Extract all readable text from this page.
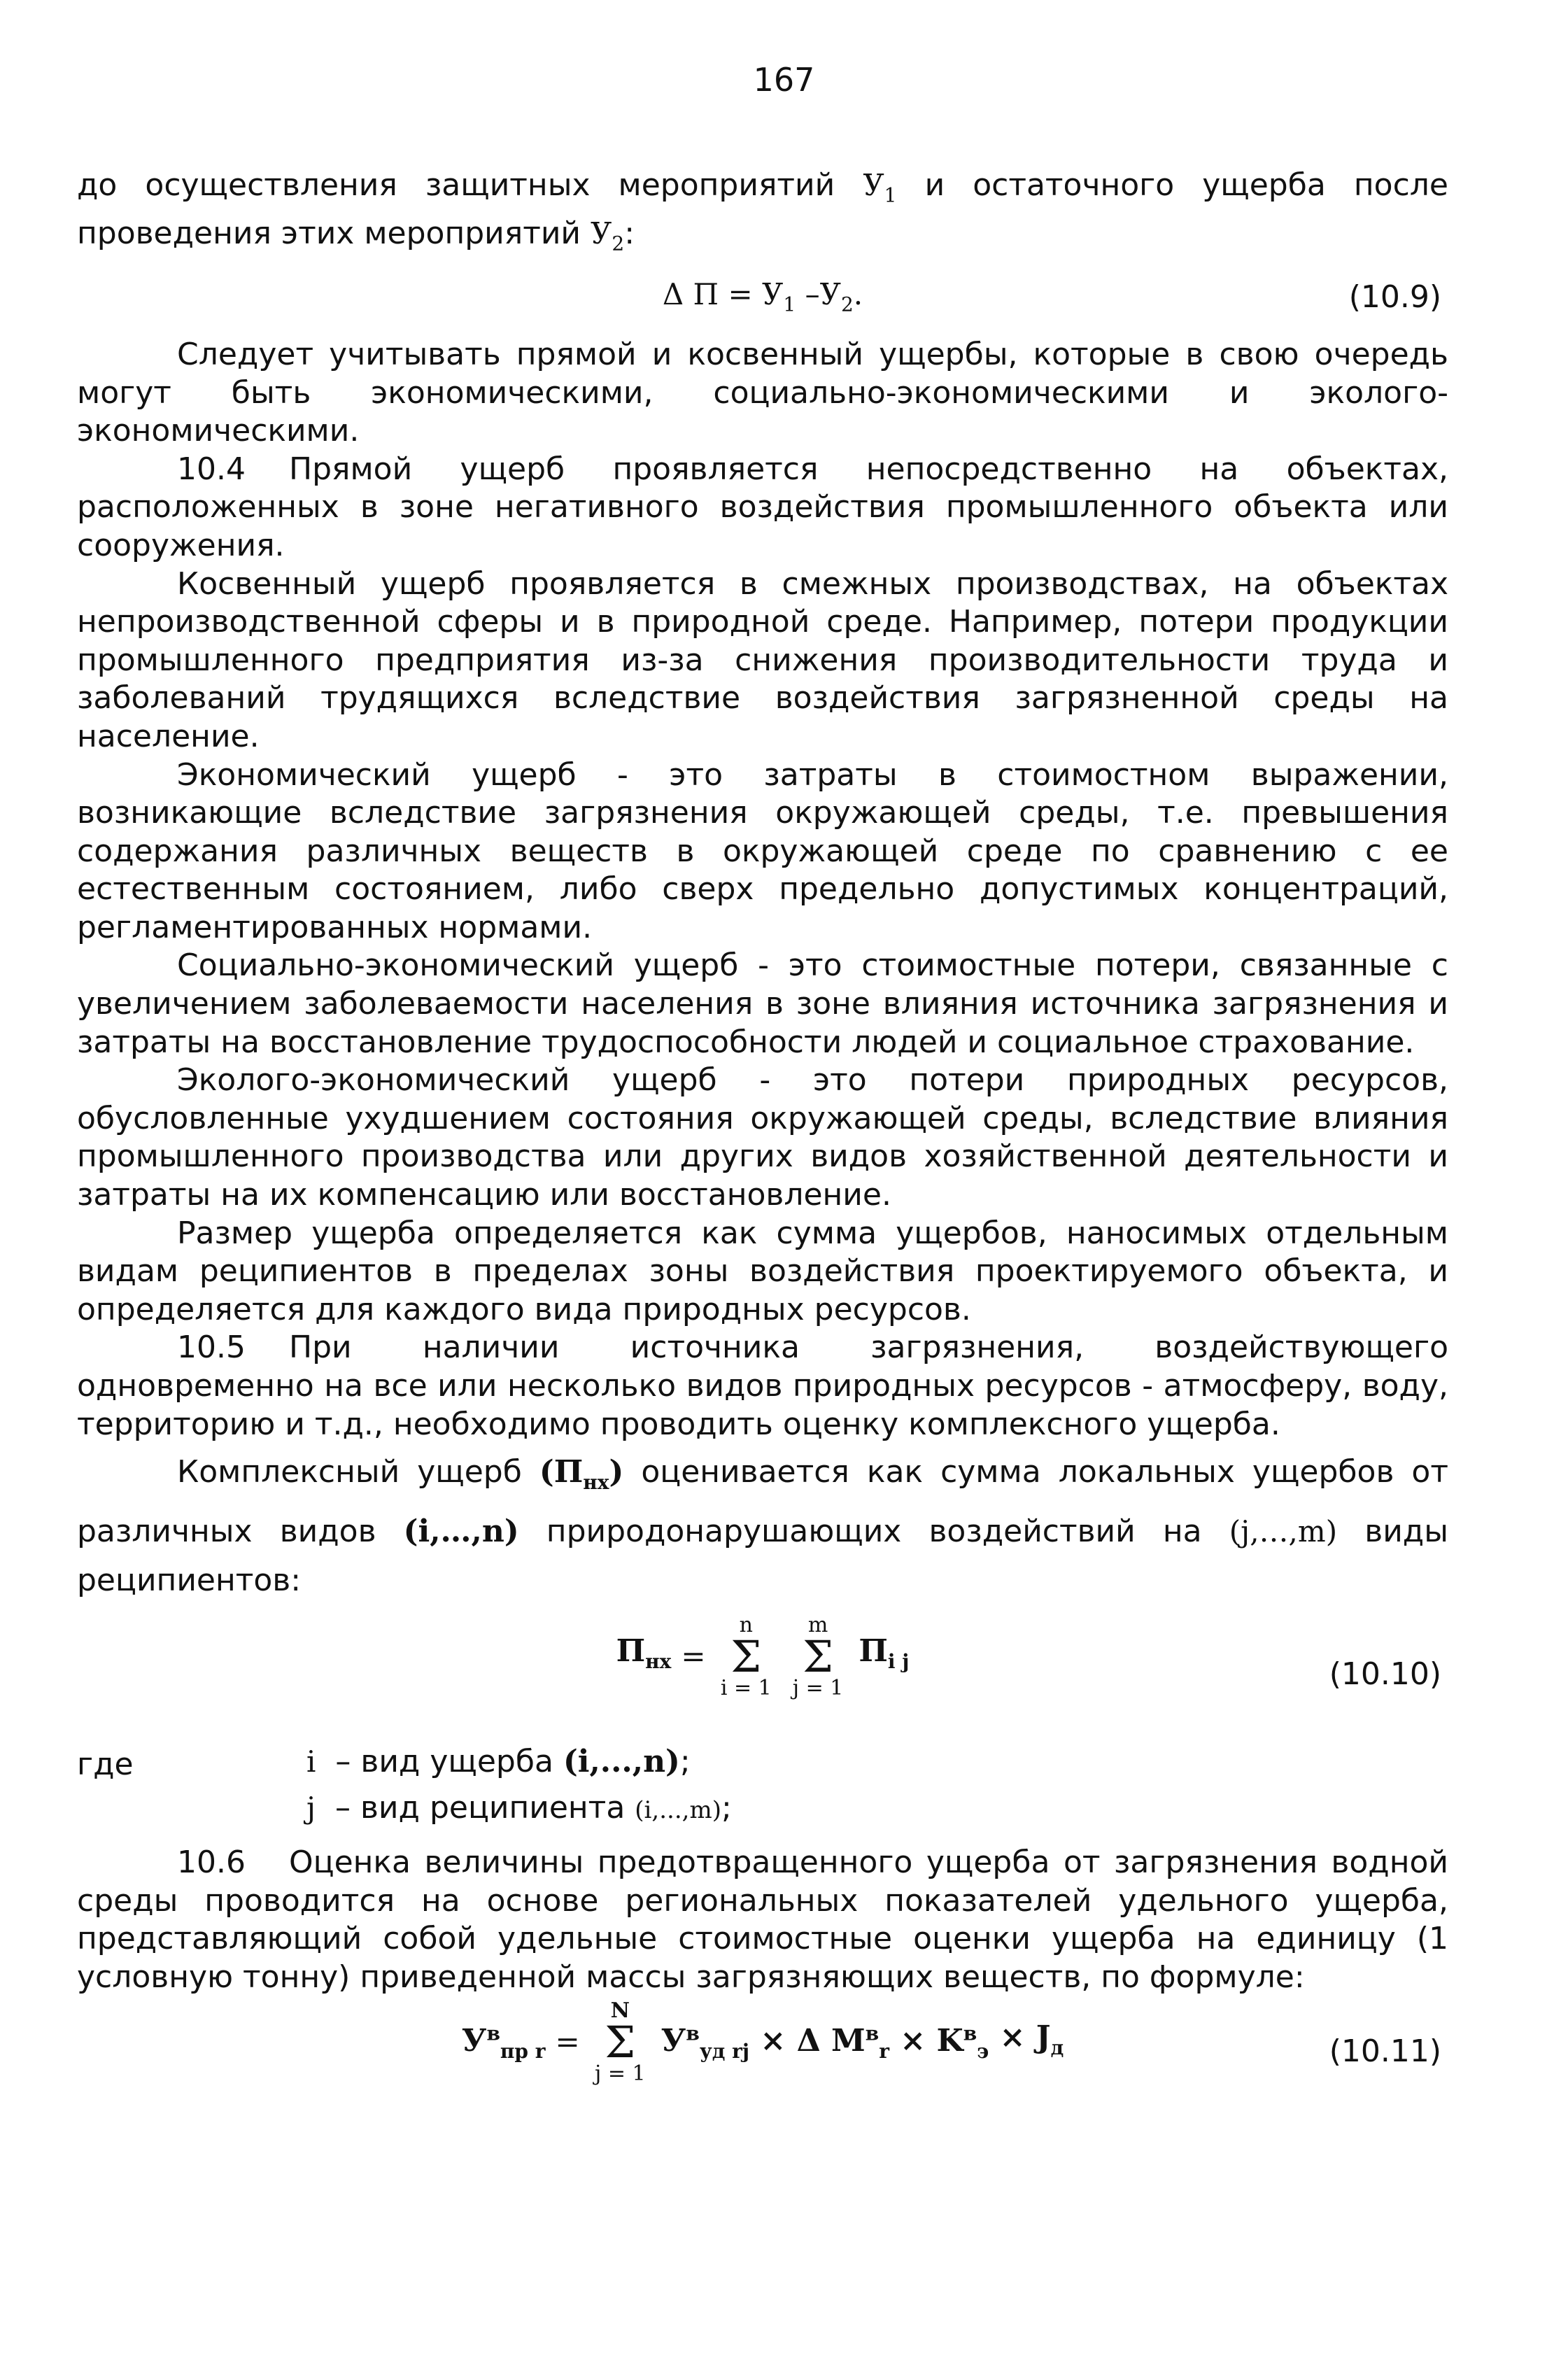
167

до осуществления защитных мероприятий $У_1$ и остаточного ущерба после проведения этих мероприятий $У_2$:

Δ $П = У_1$ $-У_2$.	(10.9)

Следует учитывать прямой и косвенный ущербы, которые в свою очередь могут быть экономическими, социально-экономическими и эколого-экономическими.

10.4 Прямой ущерб проявляется непосредственно на объектах, расположенных в зоне негативного воздействия промышленного объекта или сооружения.

Косвенный ущерб проявляется в смежных производствах, на объектах непроизводственной сферы и в природной среде. Например, потери продукции промышленного предприятия из-за снижения производительности труда и заболеваний трудящихся вследствие воздействия загрязненной среды на население.

Экономический ущерб - это затраты в стоимостном выражении, возникающие вследствие загрязнения окружающей среды, т.е. превышения содержания различных веществ в окружающей среде по сравнению с ее естественным состоянием, либо сверх предельно допустимых концентраций, регламентированных нормами.

Социально-экономический ущерб - это стоимостные потери, связанные с увеличением заболеваемости населения в зоне влияния источника загрязнения и затраты на восстановление трудоспособности людей и социальное страхование.

Эколого-экономический ущерб - это потери природных ресурсов, обусловленные ухудшением состояния окружающей среды, вследствие влияния промышленного производства или других видов хозяйственной деятельности и затраты на их компенсацию или восстановление.

Размер ущерба определяется как сумма ущербов, наносимых отдельным видам реципиентов в пределах зоны воздействия проектируемого объекта, и определяется для каждого вида природных ресурсов.

10.5 При наличии источника загрязнения, воздействующего одновременно на все или несколько видов природных ресурсов - атмосферу, воду, территорию и т.д., необходимо проводить оценку комплексного ущерба.

Комплексный ущерб $(П_{нх})$ оценивается как сумма локальных ущербов от различных видов (i,…,n) природонарушающих воздействий на (j,…,m) виды реципиентов:

$П_{нх}$ =
n
Σ
i = 1

m
Σ
j = 1
$П_{i j}$	(10.10)
где	i – вид ущерба (i,...,n);
j – вид реципиента (i,...,m);

10.6 Оценка величины предотвращенного ущерба от загрязнения водной среды проводится на основе региональных показателей удельного ущерба, представляющий собой удельные стоимостные оценки ущерба на единицу (1 условную тонну) приведенной массы загрязняющих веществ, по формуле:

$У^в_{пр r}$ =
N
Σ
j = 1
$У^в_{уд rj} \times \Delta$ $M^в_r \times K^в_э \times J_д$	(10.11)
